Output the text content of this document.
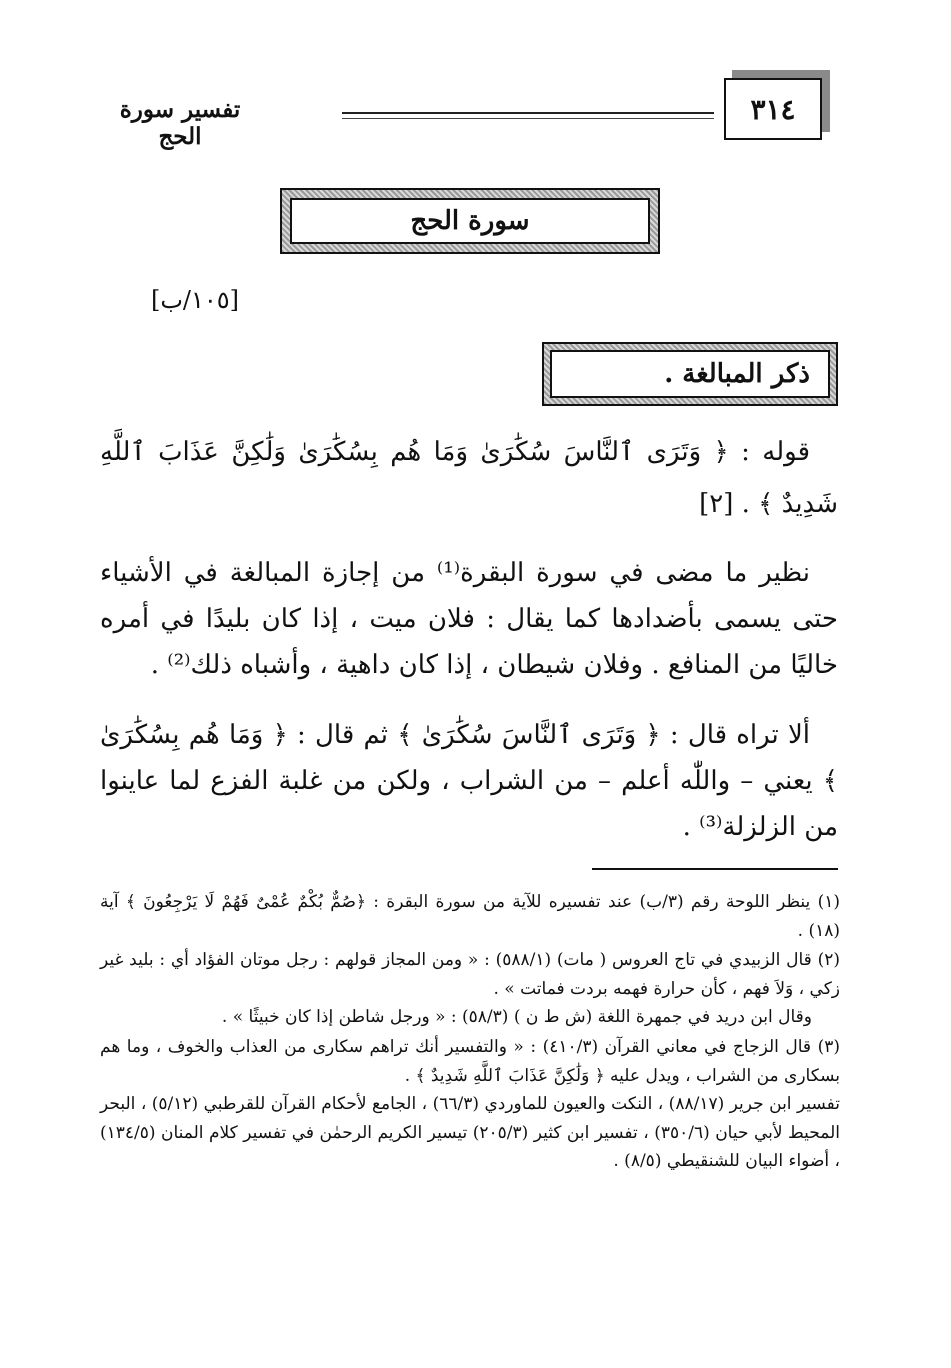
٣١٤
تفسير سورة الحج
سورة الحج
[١٠٥/ب]
ذكر المبالغة .
قوله : ﴿ وَتَرَى ٱلنَّاسَ سُكَٰرَىٰ وَمَا هُم بِسُكَٰرَىٰ وَلَٰكِنَّ عَذَابَ ٱللَّهِ شَدِيدٌ ﴾ . [٢]
نظير ما مضى في سورة البقرة⁽¹⁾ من إجازة المبالغة في الأشياء حتى يسمى بأضدادها كما يقال : فلان ميت ، إذا كان بليدًا في أمره خاليًا من المنافع . وفلان شيطان ، إذا كان داهية ، وأشباه ذلك⁽²⁾ .
ألا تراه قال : ﴿ وَتَرَى ٱلنَّاسَ سُكَٰرَىٰ ﴾ ثم قال : ﴿ وَمَا هُم بِسُكَٰرَىٰ ﴾ يعني – واللّٰه أعلم – من الشراب ، ولكن من غلبة الفزع لما عاينوا من الزلزلة⁽³⁾ .
(١) ينظر اللوحة رقم (٣/ب) عند تفسيره للآية من سورة البقرة : ﴿صُمٌّ بُكْمٌ عُمْىٌ فَهُمْ لَا يَرْجِعُونَ ﴾ آية (١٨) .
(٢) قال الزبيدي في تاج العروس ( مات) (٥٨٨/١) : « ومن المجاز قولهم : رجل موتان الفؤاد أي : بليد غير زكي ، وَلاَ فهم ، كأن حرارة فهمه بردت فماتت » .
وقال ابن دريد في جمهرة اللغة (ش ط ن ) (٥٨/٣) : « ورجل شاطن إذا كان خبيثًا » .
(٣) قال الزجاج في معاني القرآن (٤١٠/٣) : « والتفسير أنك تراهم سكارى من العذاب والخوف ، وما هم بسكارى من الشراب ، ويدل عليه ﴿ وَلَٰكِنَّ عَذَابَ ٱللَّهِ شَدِيدٌ ﴾ .
تفسير ابن جرير (٨٨/١٧) ، النكت والعيون للماوردي (٦٦/٣) ، الجامع لأحكام القرآن للقرطبي (٥/١٢) ، البحر المحيط لأبي حيان (٣٥٠/٦) ، تفسير ابن كثير (٢٠٥/٣) تيسير الكريم الرحمٰن في تفسير كلام المنان (١٣٤/٥) ، أضواء البيان للشنقيطي (٨/٥) .
